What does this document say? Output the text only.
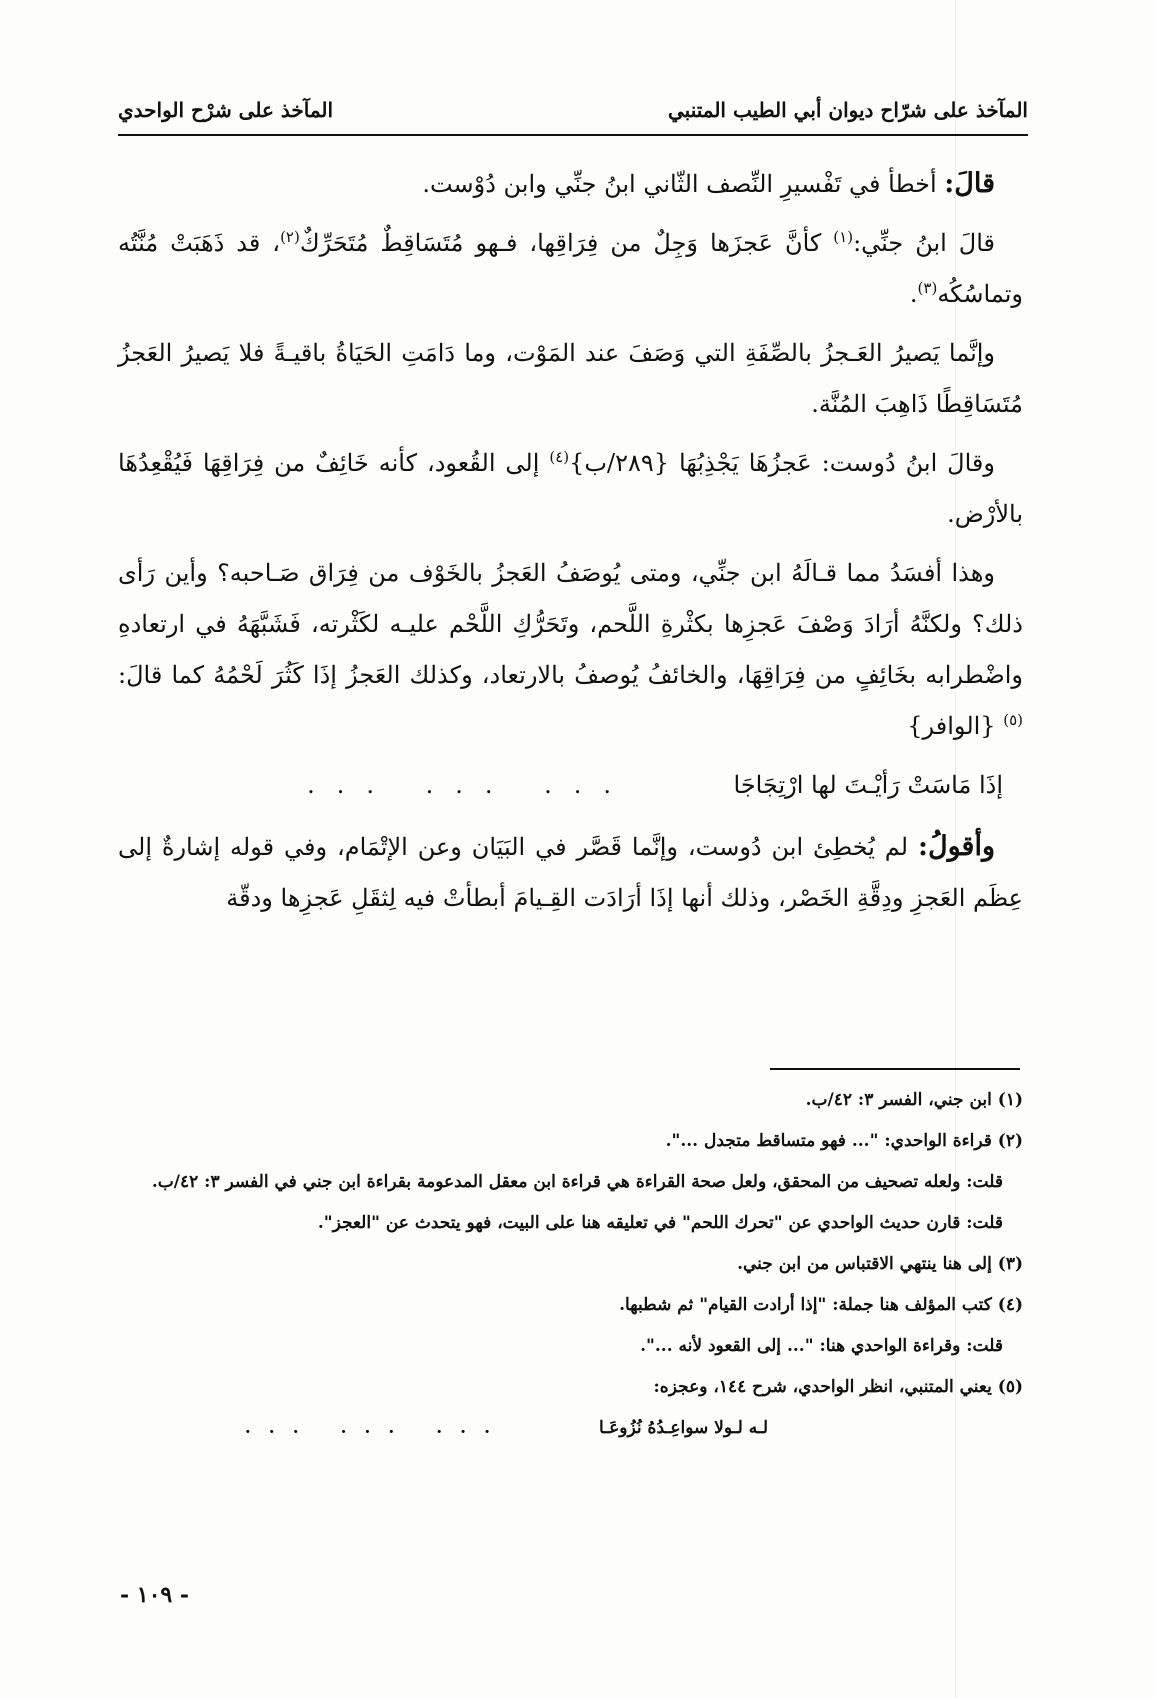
المآخذ على شرّاح ديوان أبي الطيب المتنبي
المآخذ على شرْح الواحدي

قالَ: أخطأ في تَفْسيرِ النِّصف الثّاني ابنُ جنِّي وابن دُوْست.

قالَ ابنُ جنِّي:$^{(١)}$ كأنَّ عَجزَها وَجِلٌ من فِرَاقِها، فـهو مُتَسَاقِطٌ مُتَحَرِّكٌ$^{(٢)}$، قد ذَهَبَتْ مُنَّتُه وتماسُكُه$^{(٣)}$.

وإنَّما يَصيرُ العَـجزُ بالصِّفَةِ التي وَصَفَ عند المَوْت، وما دَامَتِ الحَيَاةُ باقيـةً فلا يَصيرُ العَجزُ مُتَسَاقِطًا ذَاهِبَ المُنَّة.

وقالَ ابنُ دُوست: عَجزُهَا يَجْذِبُهَا {٢٨٩/ب}$^{(٤)}$ إلى القُعود، كأنه خَائِفٌ من فِرَاقِهَا فَيُقْعِدُهَا بالأرْض.

وهذا أفسَدُ مما قـالَهُ ابن جنِّي، ومتى يُوصَفُ العَجزُ بالخَوْف من فِرَاق صَـاحبه؟ وأين رَأى ذلك؟ ولكنَّهُ أرَادَ وَصْفَ عَجزِها بكثْرةِ اللَّحم، وتَحَرُّكِ اللَّحْم عليـه لكَثْرته، فَشَبَّهَهُ في ارتعادهِ واضْطرابه بخَائِفٍ من فِرَاقِهَا، والخائفُ يُوصفُ بالارتعاد، وكذلك العَجزُ إذَا كَثُرَ لَحْمُهُ كما قالَ:$^{(٥)}$ {الوافر}

إذَا مَاسَتْ رَأيْـتَ لها ارْتِجَاجَا
... ... ...

وأقولُ: لم يُخطِئ ابن دُوست، وإنَّما قَصَّر في البَيَان وعن الإتْمَام، وفي قوله إشارةٌ إلى عِظَم العَجزِ ودِقَّةِ الخَصْر، وذلك أنها إذَا أرَادَت القِـيامَ أبطأتْ فيه لِثقَلِ عَجزِها ودقّة

(١) ابن جني، الفسر ٣: ٤٢/ب.
(٢) قراءة الواحدي: "... فهو متساقط متجدل ...".
قلت: ولعله تصحيف من المحقق، ولعل صحة القراءة هي قراءة ابن معقل المدعومة بقراءة ابن جني في الفسر ٣: ٤٢/ب.
قلت: قارن حديث الواحدي عن "تحرك اللحم" في تعليقه هنا على البيت، فهو يتحدث عن "العجز".
(٣) إلى هنا ينتهي الاقتباس من ابن جني.
(٤) كتب المؤلف هنا جملة: "إذا أرادت القيام" ثم شطبها.
قلت: وقراءة الواحدي هنا: "... إلى القعود لأنه ...".
(٥) يعني المتنبي، انظر الواحدي، شرح ١٤٤، وعجزه:
لـه لـولا سواعِـدُهُ نُزُوعَـا
... ... ...
- ١٠٩ -
